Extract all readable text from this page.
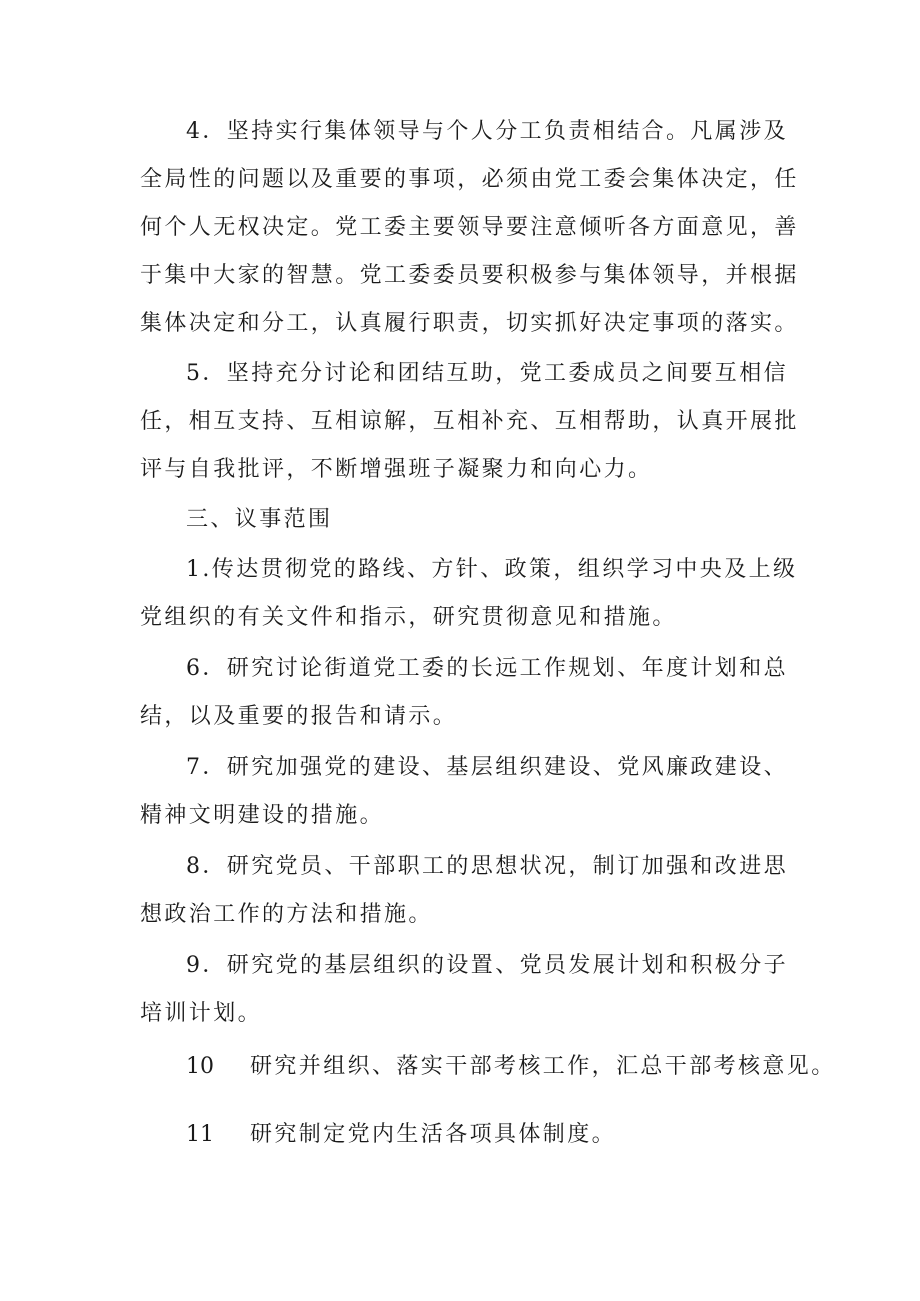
4．坚持实行集体领导与个人分工负责相结合。凡属涉及全局性的问题以及重要的事项，必须由党工委会集体决定，任何个人无权决定。党工委主要领导要注意倾听各方面意见，善于集中大家的智慧。党工委委员要积极参与集体领导，并根据集体决定和分工，认真履行职责，切实抓好决定事项的落实。

5．坚持充分讨论和团结互助，党工委成员之间要互相信任，相互支持、互相谅解，互相补充、互相帮助，认真开展批评与自我批评，不断增强班子凝聚力和向心力。

三、议事范围

1.传达贯彻党的路线、方针、政策，组织学习中央及上级党组织的有关文件和指示，研究贯彻意见和措施。

6．研究讨论街道党工委的长远工作规划、年度计划和总结，以及重要的报告和请示。

7．研究加强党的建设、基层组织建设、党风廉政建设、精神文明建设的措施。

8．研究党员、干部职工的思想状况，制订加强和改进思想政治工作的方法和措施。

9．研究党的基层组织的设置、党员发展计划和积极分子培训计划。

10 研究并组织、落实干部考核工作，汇总干部考核意见。

11 研究制定党内生活各项具体制度。
